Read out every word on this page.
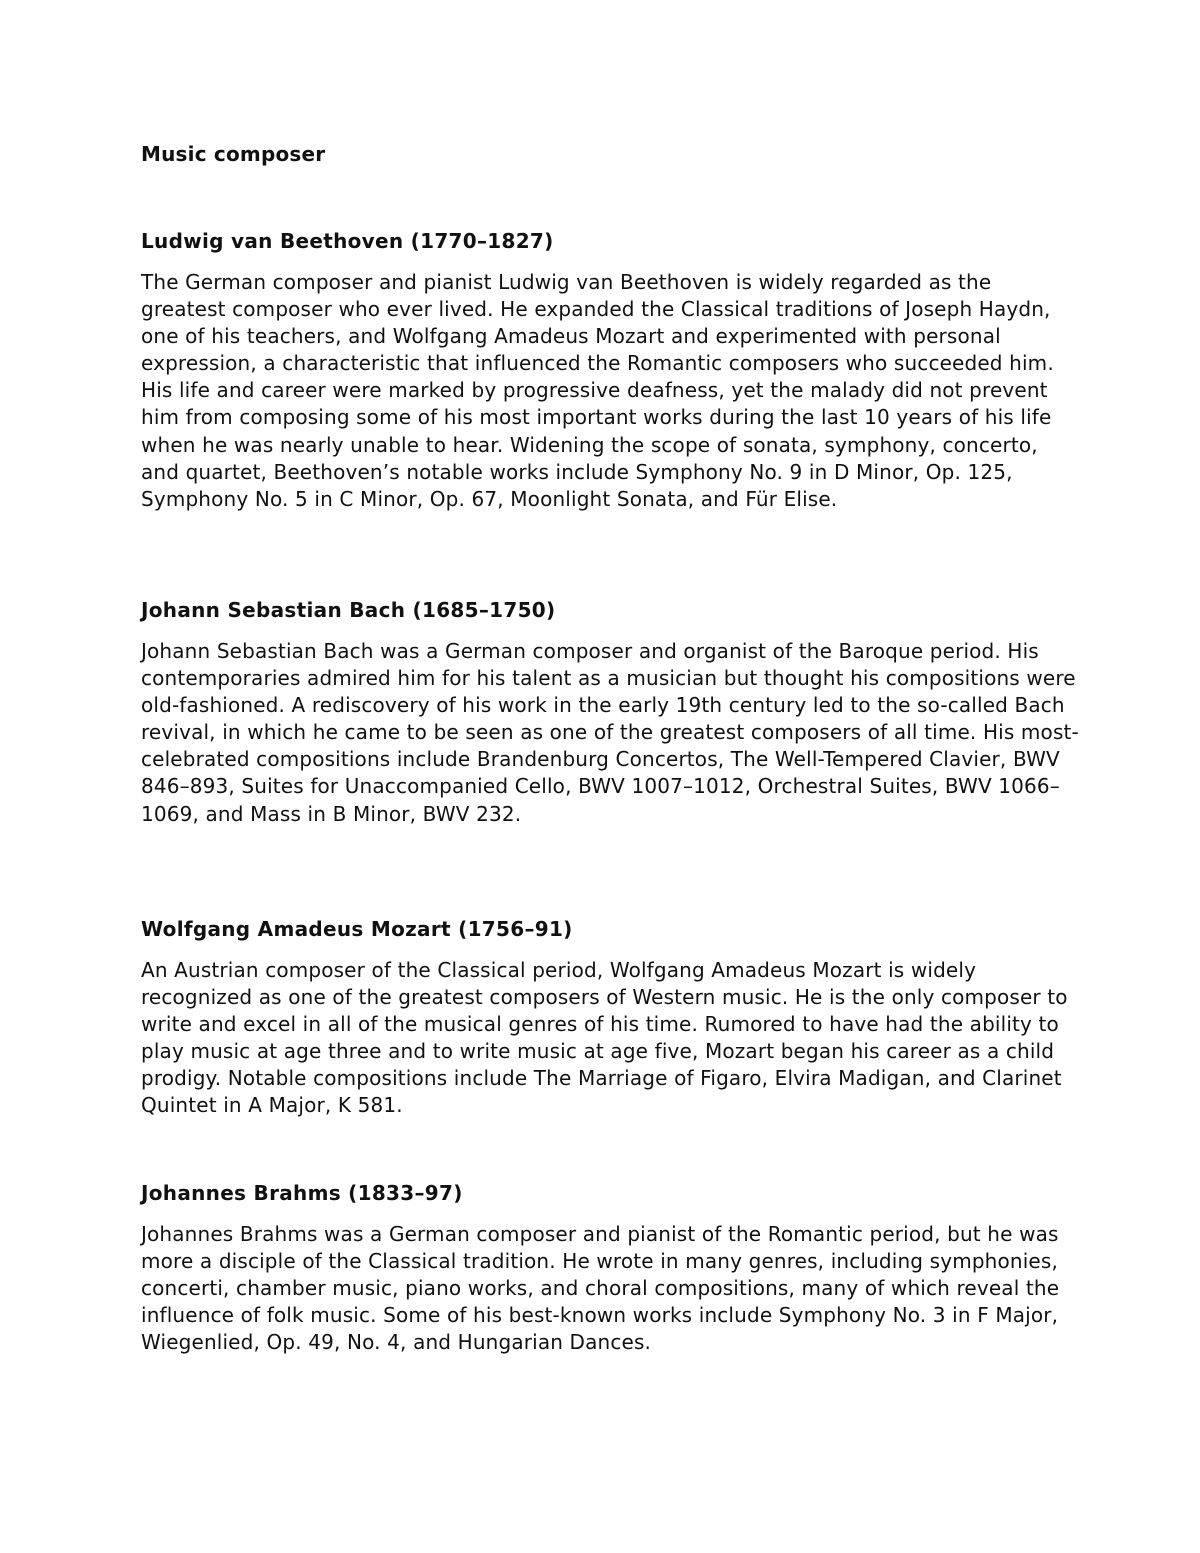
Music composer
Ludwig van Beethoven (1770–1827)

The German composer and pianist Ludwig van Beethoven is widely regarded as the greatest composer who ever lived. He expanded the Classical traditions of Joseph Haydn, one of his teachers, and Wolfgang Amadeus Mozart and experimented with personal expression, a characteristic that influenced the Romantic composers who succeeded him. His life and career were marked by progressive deafness, yet the malady did not prevent him from composing some of his most important works during the last 10 years of his life when he was nearly unable to hear. Widening the scope of sonata, symphony, concerto, and quartet, Beethoven’s notable works include Symphony No. 9 in D Minor, Op. 125, Symphony No. 5 in C Minor, Op. 67, Moonlight Sonata, and Für Elise.

Johann Sebastian Bach (1685–1750)

Johann Sebastian Bach was a German composer and organist of the Baroque period. His contemporaries admired him for his talent as a musician but thought his compositions were old-fashioned. A rediscovery of his work in the early 19th century led to the so-called Bach revival, in which he came to be seen as one of the greatest composers of all time. His most-celebrated compositions include Brandenburg Concertos, The Well-Tempered Clavier, BWV 846–893, Suites for Unaccompanied Cello, BWV 1007–1012, Orchestral Suites, BWV 1066–1069, and Mass in B Minor, BWV 232.

Wolfgang Amadeus Mozart (1756–91)

An Austrian composer of the Classical period, Wolfgang Amadeus Mozart is widely recognized as one of the greatest composers of Western music. He is the only composer to write and excel in all of the musical genres of his time. Rumored to have had the ability to play music at age three and to write music at age five, Mozart began his career as a child prodigy. Notable compositions include The Marriage of Figaro, Elvira Madigan, and Clarinet Quintet in A Major, K 581.

Johannes Brahms (1833–97)

Johannes Brahms was a German composer and pianist of the Romantic period, but he was more a disciple of the Classical tradition. He wrote in many genres, including symphonies, concerti, chamber music, piano works, and choral compositions, many of which reveal the influence of folk music. Some of his best-known works include Symphony No. 3 in F Major, Wiegenlied, Op. 49, No. 4, and Hungarian Dances.
